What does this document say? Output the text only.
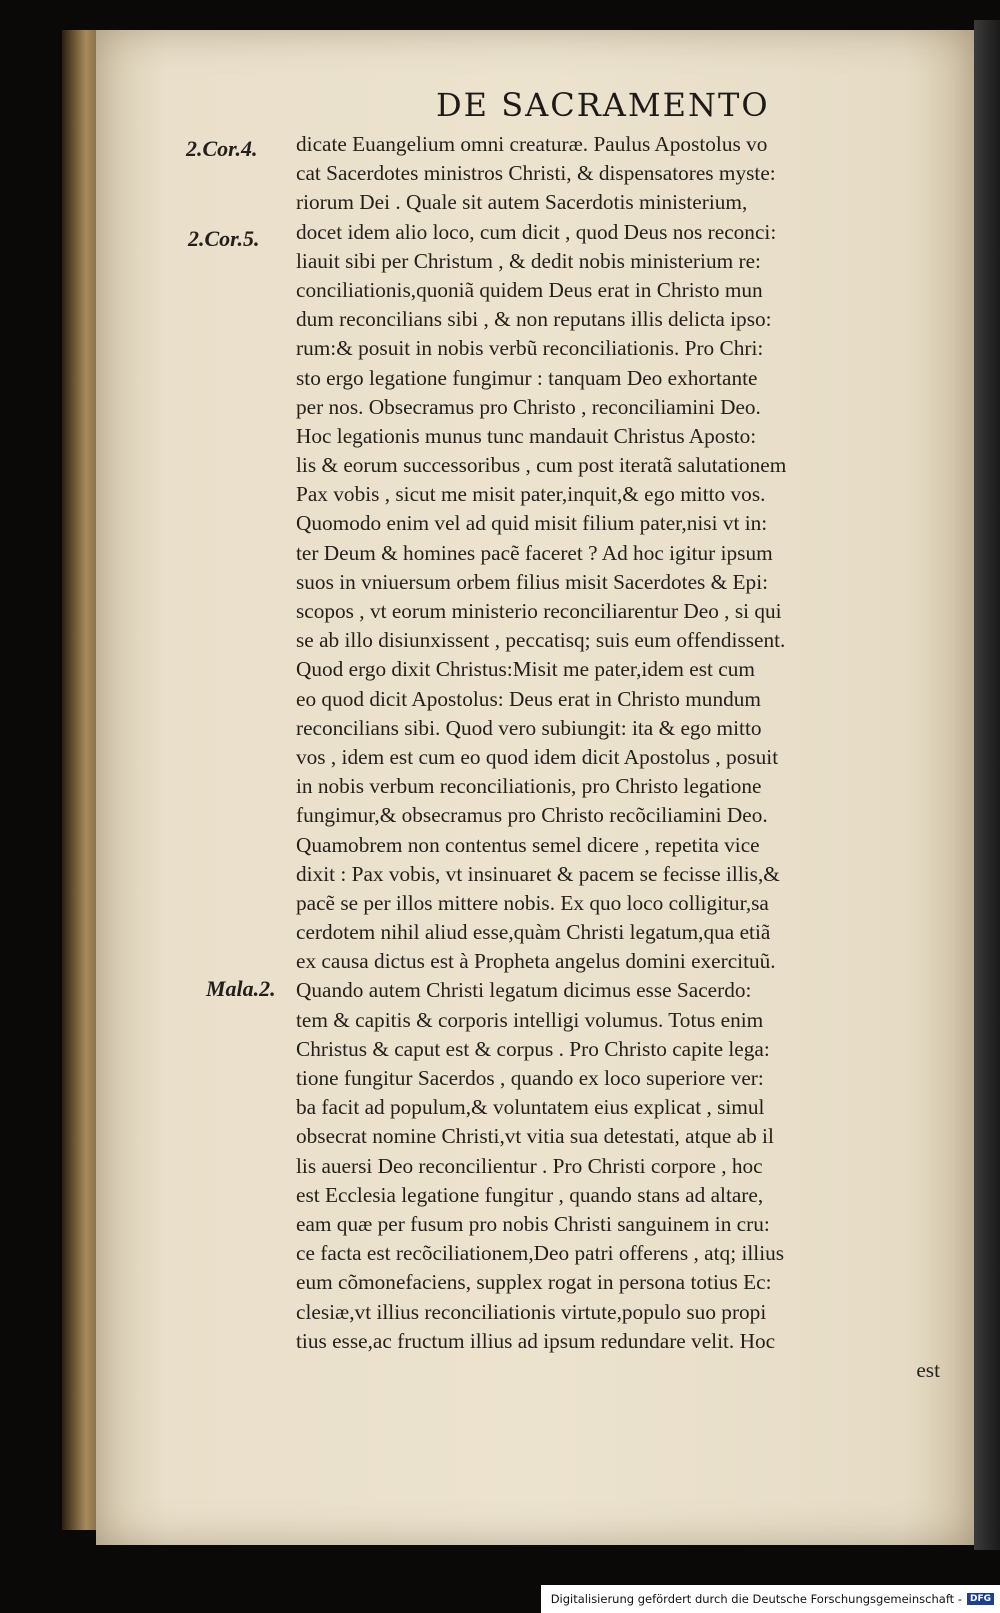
DE SACRAMENTO
2.Cor.4.
2.Cor.5.
Mala.2.
dicate Euangelium omni creaturæ. Paulus Apostolus vo
cat Sacerdotes ministros Christi, & dispensatores myste:
riorum Dei . Quale sit autem Sacerdotis ministerium,
docet idem alio loco, cum dicit , quod Deus nos reconci:
liauit sibi per Christum , & dedit nobis ministerium re:
conciliationis,quoniã quidem Deus erat in Christo mun
dum reconcilians sibi , & non reputans illis delicta ipso:
rum:& posuit in nobis verbũ reconciliationis. Pro Chri:
sto ergo legatione fungimur : tanquam Deo exhortante
per nos. Obsecramus pro Christo , reconciliamini Deo.
Hoc legationis munus tunc mandauit Christus Aposto:
lis & eorum successoribus , cum post iteratã salutationem
Pax vobis , sicut me misit pater,inquit,& ego mitto vos.
Quomodo enim vel ad quid misit filium pater,nisi vt in:
ter Deum & homines pacẽ faceret ? Ad hoc igitur ipsum
suos in vniuersum orbem filius misit Sacerdotes & Epi:
scopos , vt eorum ministerio reconciliarentur Deo , si qui
se ab illo disiunxissent , peccatisq; suis eum offendissent.
Quod ergo dixit Christus:Misit me pater,idem est cum
eo quod dicit Apostolus: Deus erat in Christo mundum
reconcilians sibi. Quod vero subiungit: ita & ego mitto
vos , idem est cum eo quod idem dicit Apostolus , posuit
in nobis verbum reconciliationis, pro Christo legatione
fungimur,& obsecramus pro Christo recõciliamini Deo.
Quamobrem non contentus semel dicere , repetita vice
dixit : Pax vobis, vt insinuaret & pacem se fecisse illis,&
pacẽ se per illos mittere nobis. Ex quo loco colligitur,sa
cerdotem nihil aliud esse,quàm Christi legatum,qua etiã
ex causa dictus est à Propheta angelus domini exercituũ.
Quando autem Christi legatum dicimus esse Sacerdo:
tem & capitis & corporis intelligi volumus. Totus enim
Christus & caput est & corpus . Pro Christo capite lega:
tione fungitur Sacerdos , quando ex loco superiore ver:
ba facit ad populum,& voluntatem eius explicat , simul
obsecrat nomine Christi,vt vitia sua detestati, atque ab il
lis auersi Deo reconcilientur . Pro Christi corpore , hoc
est Ecclesia legatione fungitur , quando stans ad altare,
eam quæ per fusum pro nobis Christi sanguinem in cru:
ce facta est recõciliationem,Deo patri offerens , atq; illius
eum cõmonefaciens, supplex rogat in persona totius Ec:
clesiæ,vt illius reconciliationis virtute,populo suo propi
tius esse,ac fructum illius ad ipsum redundare velit. Hoc
est
Digitalisierung gefördert durch die Deutsche Forschungsgemeinschaft - DFG
